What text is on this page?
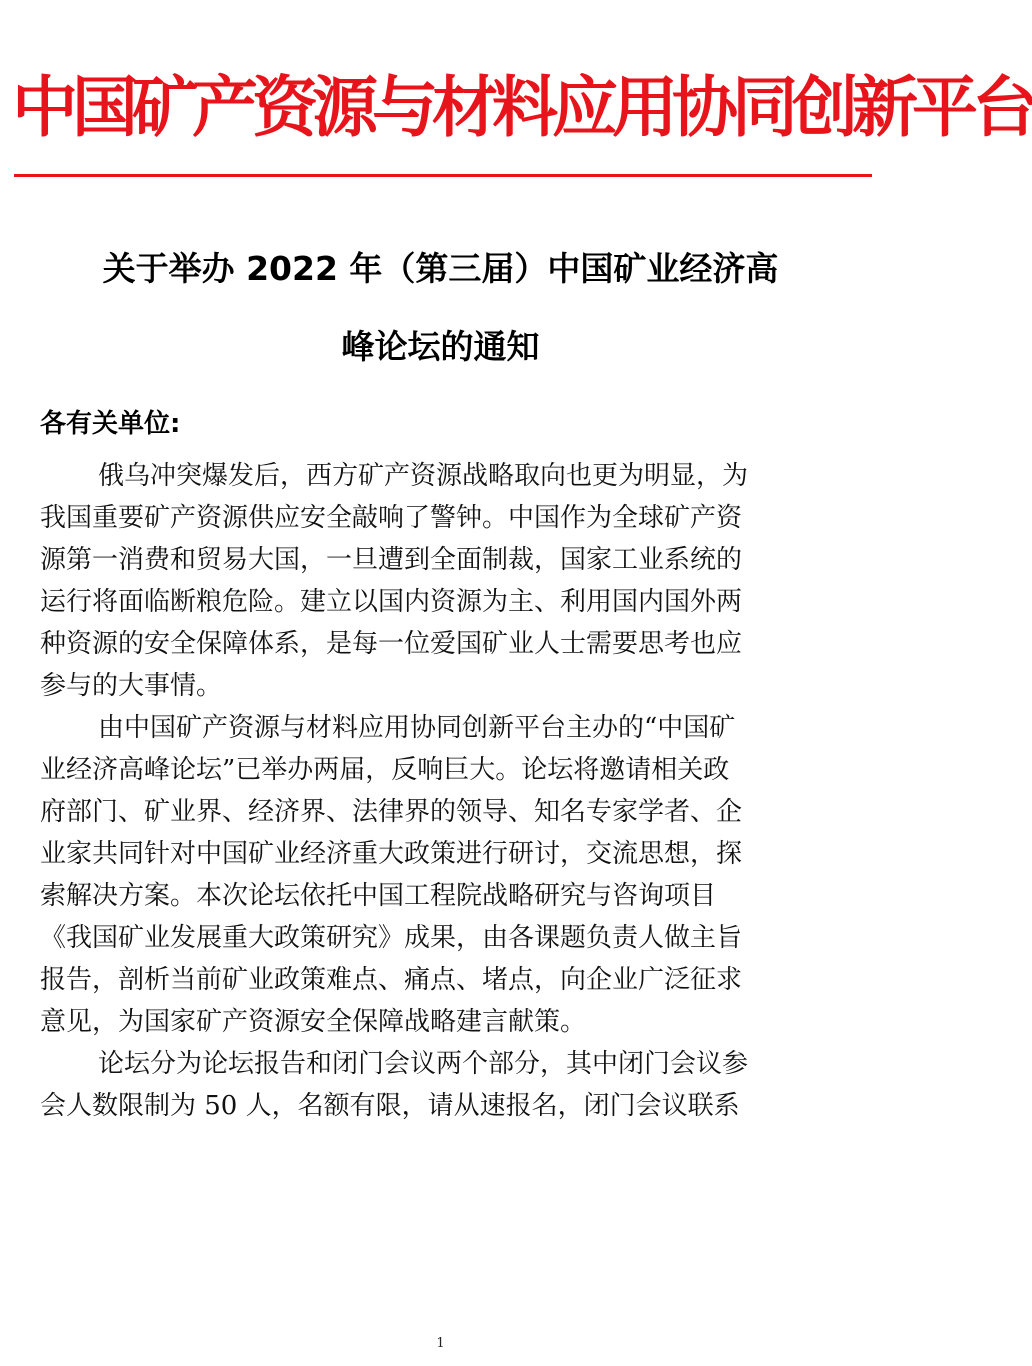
中国矿产资源与材料应用协同创新平台
关于举办 2022 年（第三届）中国矿业经济高
峰论坛的通知
各有关单位:

俄乌冲突爆发后，西方矿产资源战略取向也更为明显，为
我国重要矿产资源供应安全敲响了警钟。中国作为全球矿产资
源第一消费和贸易大国，一旦遭到全面制裁，国家工业系统的
运行将面临断粮危险。建立以国内资源为主、利用国内国外两
种资源的安全保障体系，是每一位爱国矿业人士需要思考也应
参与的大事情。

由中国矿产资源与材料应用协同创新平台主办的“中国矿
业经济高峰论坛”已举办两届，反响巨大。论坛将邀请相关政
府部门、矿业界、经济界、法律界的领导、知名专家学者、企
业家共同针对中国矿业经济重大政策进行研讨，交流思想，探
索解决方案。本次论坛依托中国工程院战略研究与咨询项目
《我国矿业发展重大政策研究》成果，由各课题负责人做主旨
报告，剖析当前矿业政策难点、痛点、堵点，向企业广泛征求
意见，为国家矿产资源安全保障战略建言献策。

论坛分为论坛报告和闭门会议两个部分，其中闭门会议参
会人数限制为 50 人，名额有限，请从速报名，闭门会议联系

1
